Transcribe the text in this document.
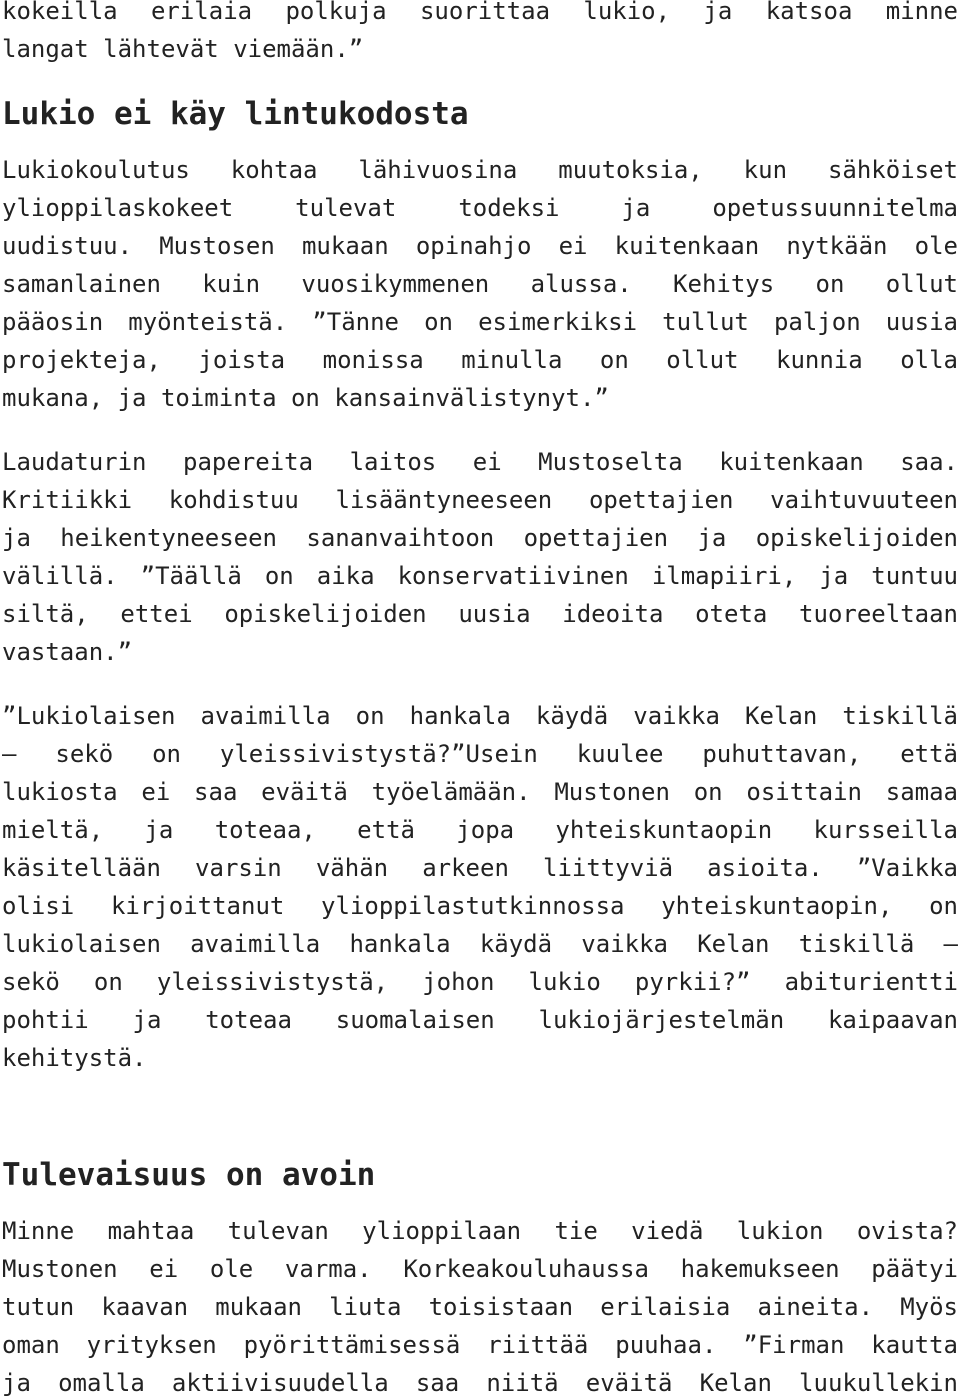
kokeilla erilaia polkuja suorittaa lukio, ja katsoa minne
langat lähtevät viemään.”
Lukio ei käy lintukodosta
Lukiokoulutus kohtaa lähivuosina muutoksia, kun sähköiset
ylioppilaskokeet tulevat todeksi ja opetussuunnitelma
uudistuu. Mustosen mukaan opinahjo ei kuitenkaan nytkään ole
samanlainen kuin vuosikymmenen alussa. Kehitys on ollut
pääosin myönteistä. ”Tänne on esimerkiksi tullut paljon uusia
projekteja, joista monissa minulla on ollut kunnia olla
mukana, ja toiminta on kansainvälistynyt.”
Laudaturin papereita laitos ei Mustoselta kuitenkaan saa.
Kritiikki kohdistuu lisääntyneeseen opettajien vaihtuvuuteen
ja heikentyneeseen sananvaihtoon opettajien ja opiskelijoiden
välillä. ”Täällä on aika konservatiivinen ilmapiiri, ja tuntuu
siltä, ettei opiskelijoiden uusia ideoita oteta tuoreeltaan
vastaan.”
”Lukiolaisen avaimilla on hankala käydä vaikka Kelan tiskillä
– sekö on yleissivistystä?”Usein kuulee puhuttavan, että
lukiosta ei saa eväitä työelämään. Mustonen on osittain samaa
mieltä, ja toteaa, että jopa yhteiskuntaopin kursseilla
käsitellään varsin vähän arkeen liittyviä asioita. ”Vaikka
olisi kirjoittanut ylioppilastutkinnossa yhteiskuntaopin, on
lukiolaisen avaimilla hankala käydä vaikka Kelan tiskillä –
sekö on yleissivistystä, johon lukio pyrkii?” abiturientti
pohtii ja toteaa suomalaisen lukiojärjestelmän kaipaavan
kehitystä.
Tulevaisuus on avoin
Minne mahtaa tulevan ylioppilaan tie viedä lukion ovista?
Mustonen ei ole varma. Korkeakouluhaussa hakemukseen päätyi
tutun kaavan mukaan liuta toisistaan erilaisia aineita. Myös
oman yrityksen pyörittämisessä riittää puuhaa. ”Firman kautta
ja omalla aktiivisuudella saa niitä eväitä Kelan luukullekin
